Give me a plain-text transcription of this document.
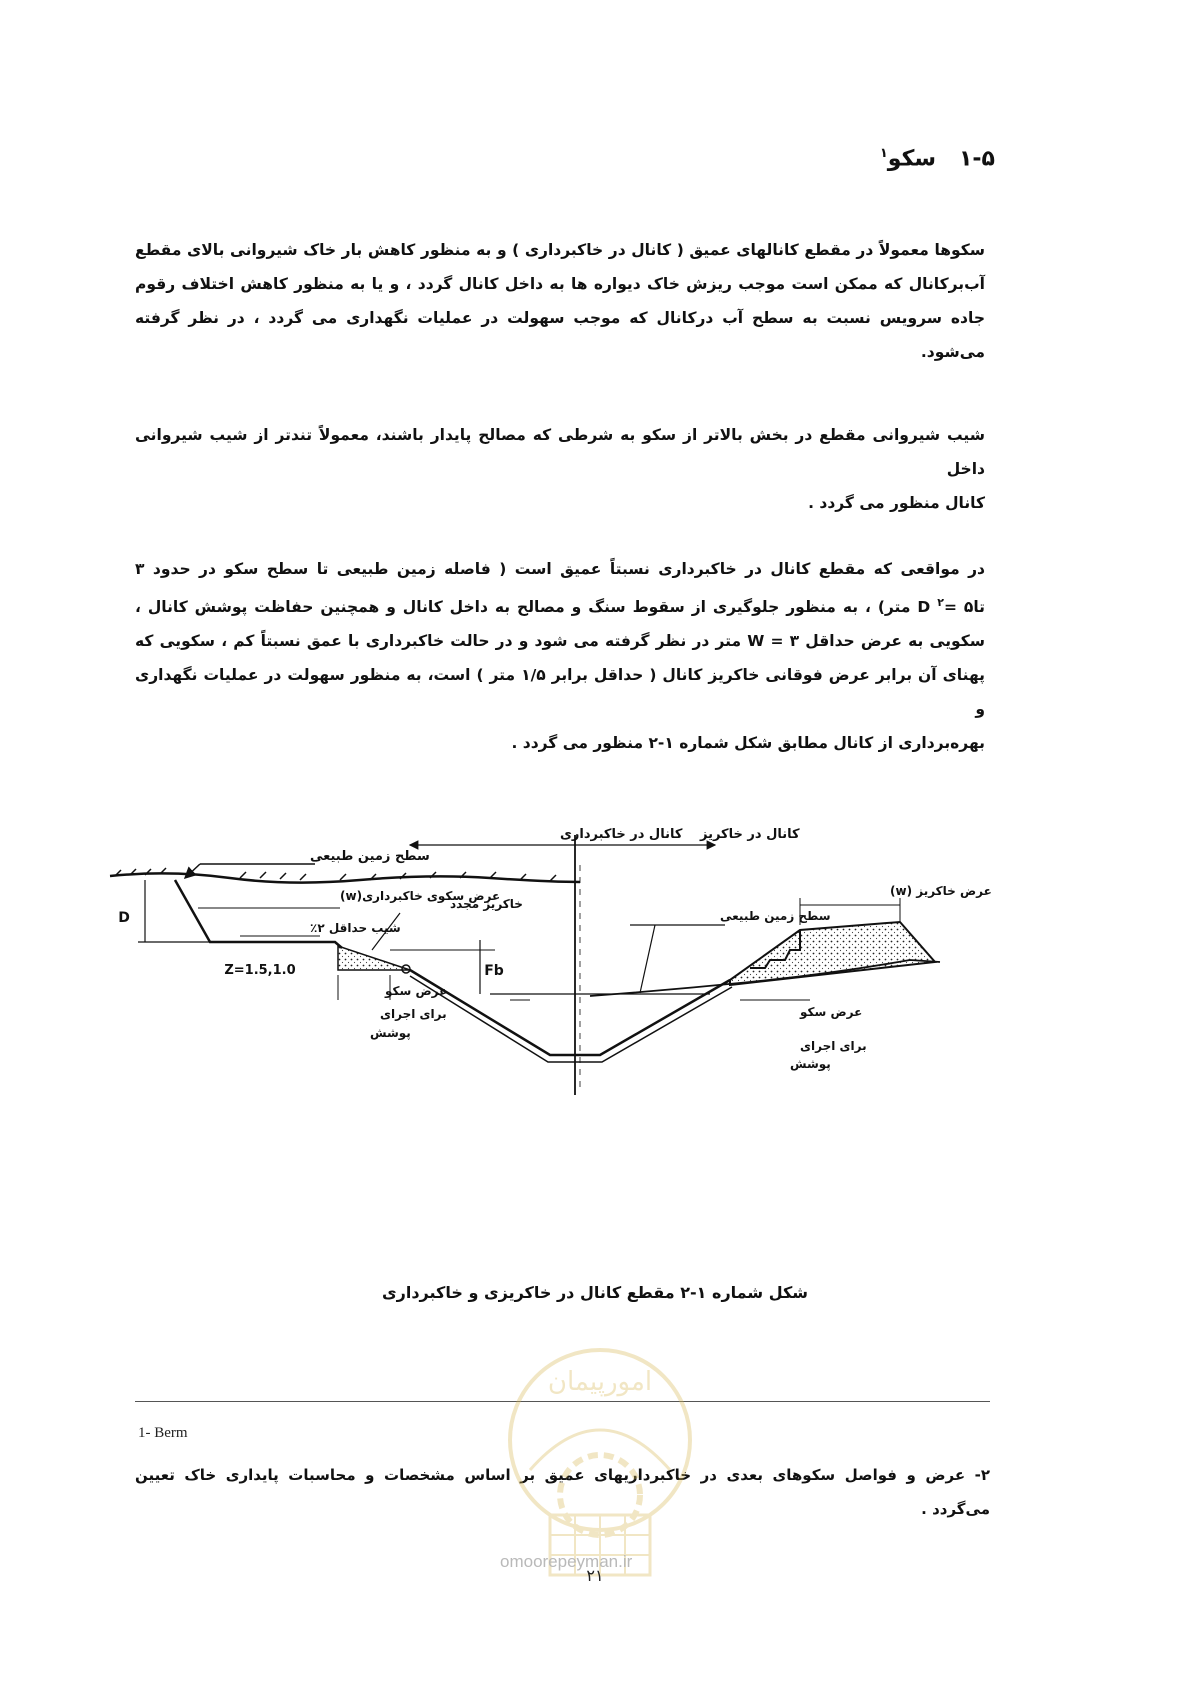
۱-۵   سکو$^۱$
سکوها معمولاً در مقطع کانالهای عمیق ( کانال در خاکبرداری ) و به منظور کاهش بار خاک شیروانی بالای مقطع
آب‌برکانال که ممکن است موجب ریزش خاک دیواره ها به داخل کانال گردد ، و یا به منظور کاهش اختلاف رقوم
جاده سرویس نسبت به سطح آب درکانال که موجب سهولت در عملیات نگهداری می گردد ، در نظر گرفته می‌شود.
شیب شیروانی مقطع در بخش بالاتر از سکو به شرطی که مصالح پایدار باشند، معمولاً تندتر از شیب شیروانی داخل
کانال منظور می گردد .
در مواقعی که مقطع کانال در خاکبرداری نسبتاً عمیق است ( فاصله زمین طبیعی تا سطح سکو در حدود ۳
تا۵ =D $^۲$ متر) ، به منظور جلوگیری از سقوط سنگ و مصالح به داخل کانال و همچنین حفاظت پوشش کانال ،
سکویی به عرض حداقل ۳ = W متر در نظر گرفته می شود و در حالت خاکبرداری با عمق نسبتاً کم ، سکویی که
پهنای آن برابر عرض فوقانی خاکریز کانال ( حداقل برابر ۱/۵ متر ) است، به منظور سهولت در عملیات نگهداری و
بهره‌برداری از کانال مطابق شکل شماره ۱-۲ منظور می گردد .
سطح زمین طبیعی
D
عرض سکوی خاکبرداری(w)
شیب حداقل ۲٪
خاکریز مجدد
Z=1.5,1.0	Fb
عرض سکو
برای اجرای
پوشش
کانال در خاکبرداری کانال در خاکریز
عرض خاکریز (w)
سطح زمین طبیعی
عرض سکو
برای اجرای
پوشش
شکل شماره ۱-۲ مقطع کانال در خاکریزی و خاکبرداری
1- Berm
۲- عرض و فواصل سکوهای بعدی در خاکبرداریهای عمیق بر اساس مشخصات و محاسبات پایداری خاک تعیین
می‌گردد .
امورپیمان
omoorepeyman.ir
۲۱
